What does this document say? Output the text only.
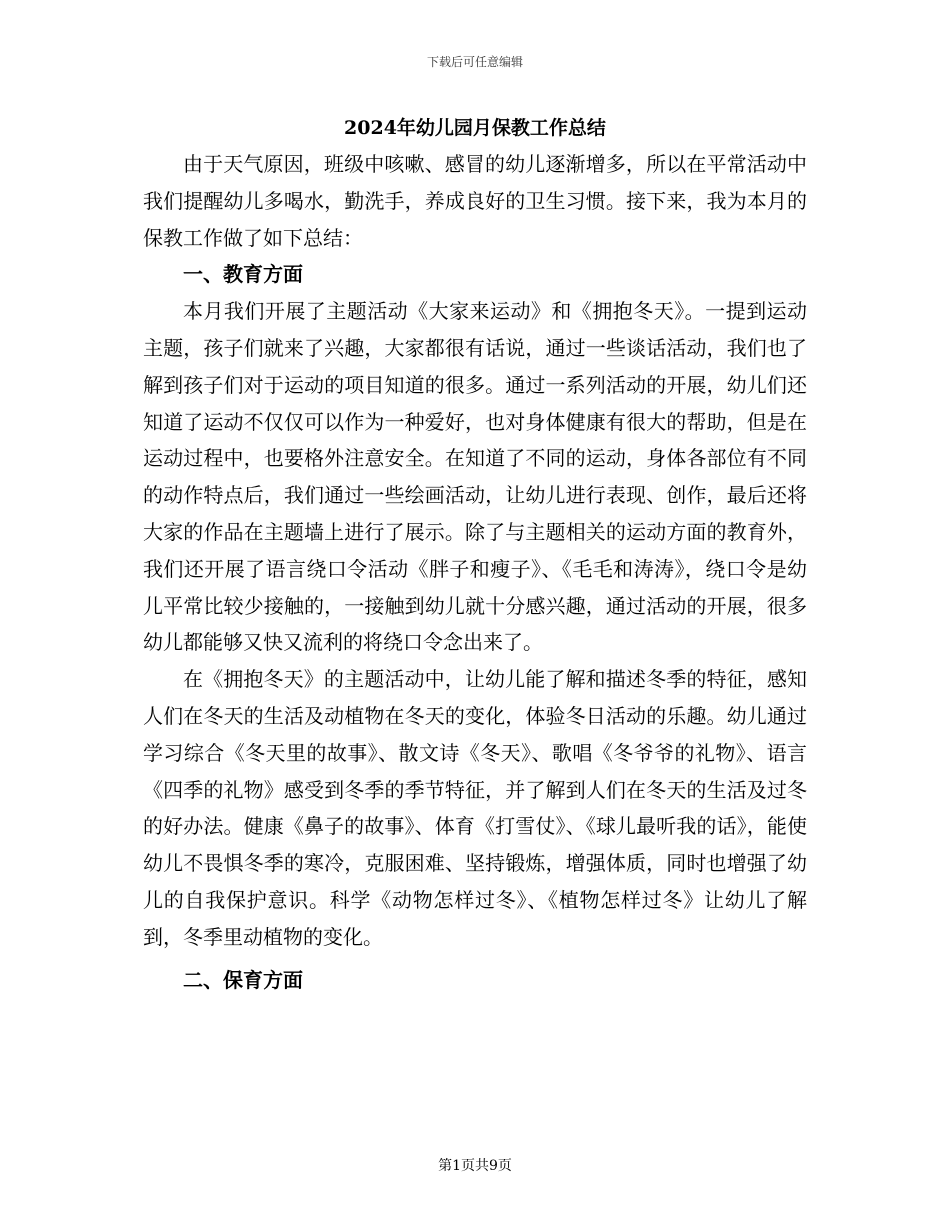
下载后可任意编辑
2024年幼儿园月保教工作总结

由于天气原因，班级中咳嗽、感冒的幼儿逐渐增多，所以在平常活动中我们提醒幼儿多喝水，勤洗手，养成良好的卫生习惯。接下来，我为本月的保教工作做了如下总结：

一、教育方面

本月我们开展了主题活动《大家来运动》和《拥抱冬天》。一提到运动主题，孩子们就来了兴趣，大家都很有话说，通过一些谈话活动，我们也了解到孩子们对于运动的项目知道的很多。通过一系列活动的开展，幼儿们还知道了运动不仅仅可以作为一种爱好，也对身体健康有很大的帮助，但是在运动过程中，也要格外注意安全。在知道了不同的运动，身体各部位有不同的动作特点后，我们通过一些绘画活动，让幼儿进行表现、创作，最后还将大家的作品在主题墙上进行了展示。除了与主题相关的运动方面的教育外，我们还开展了语言绕口令活动《胖子和瘦子》、《毛毛和涛涛》，绕口令是幼儿平常比较少接触的，一接触到幼儿就十分感兴趣，通过活动的开展，很多幼儿都能够又快又流利的将绕口令念出来了。

在《拥抱冬天》的主题活动中，让幼儿能了解和描述冬季的特征，感知人们在冬天的生活及动植物在冬天的变化，体验冬日活动的乐趣。幼儿通过学习综合《冬天里的故事》、散文诗《冬天》、歌唱《冬爷爷的礼物》、语言《四季的礼物》感受到冬季的季节特征，并了解到人们在冬天的生活及过冬的好办法。健康《鼻子的故事》、体育《打雪仗》、《球儿最听我的话》，能使幼儿不畏惧冬季的寒冷，克服困难、坚持锻炼，增强体质，同时也增强了幼儿的自我保护意识。科学《动物怎样过冬》、《植物怎样过冬》让幼儿了解到，冬季里动植物的变化。

二、保育方面

第1页共9页
